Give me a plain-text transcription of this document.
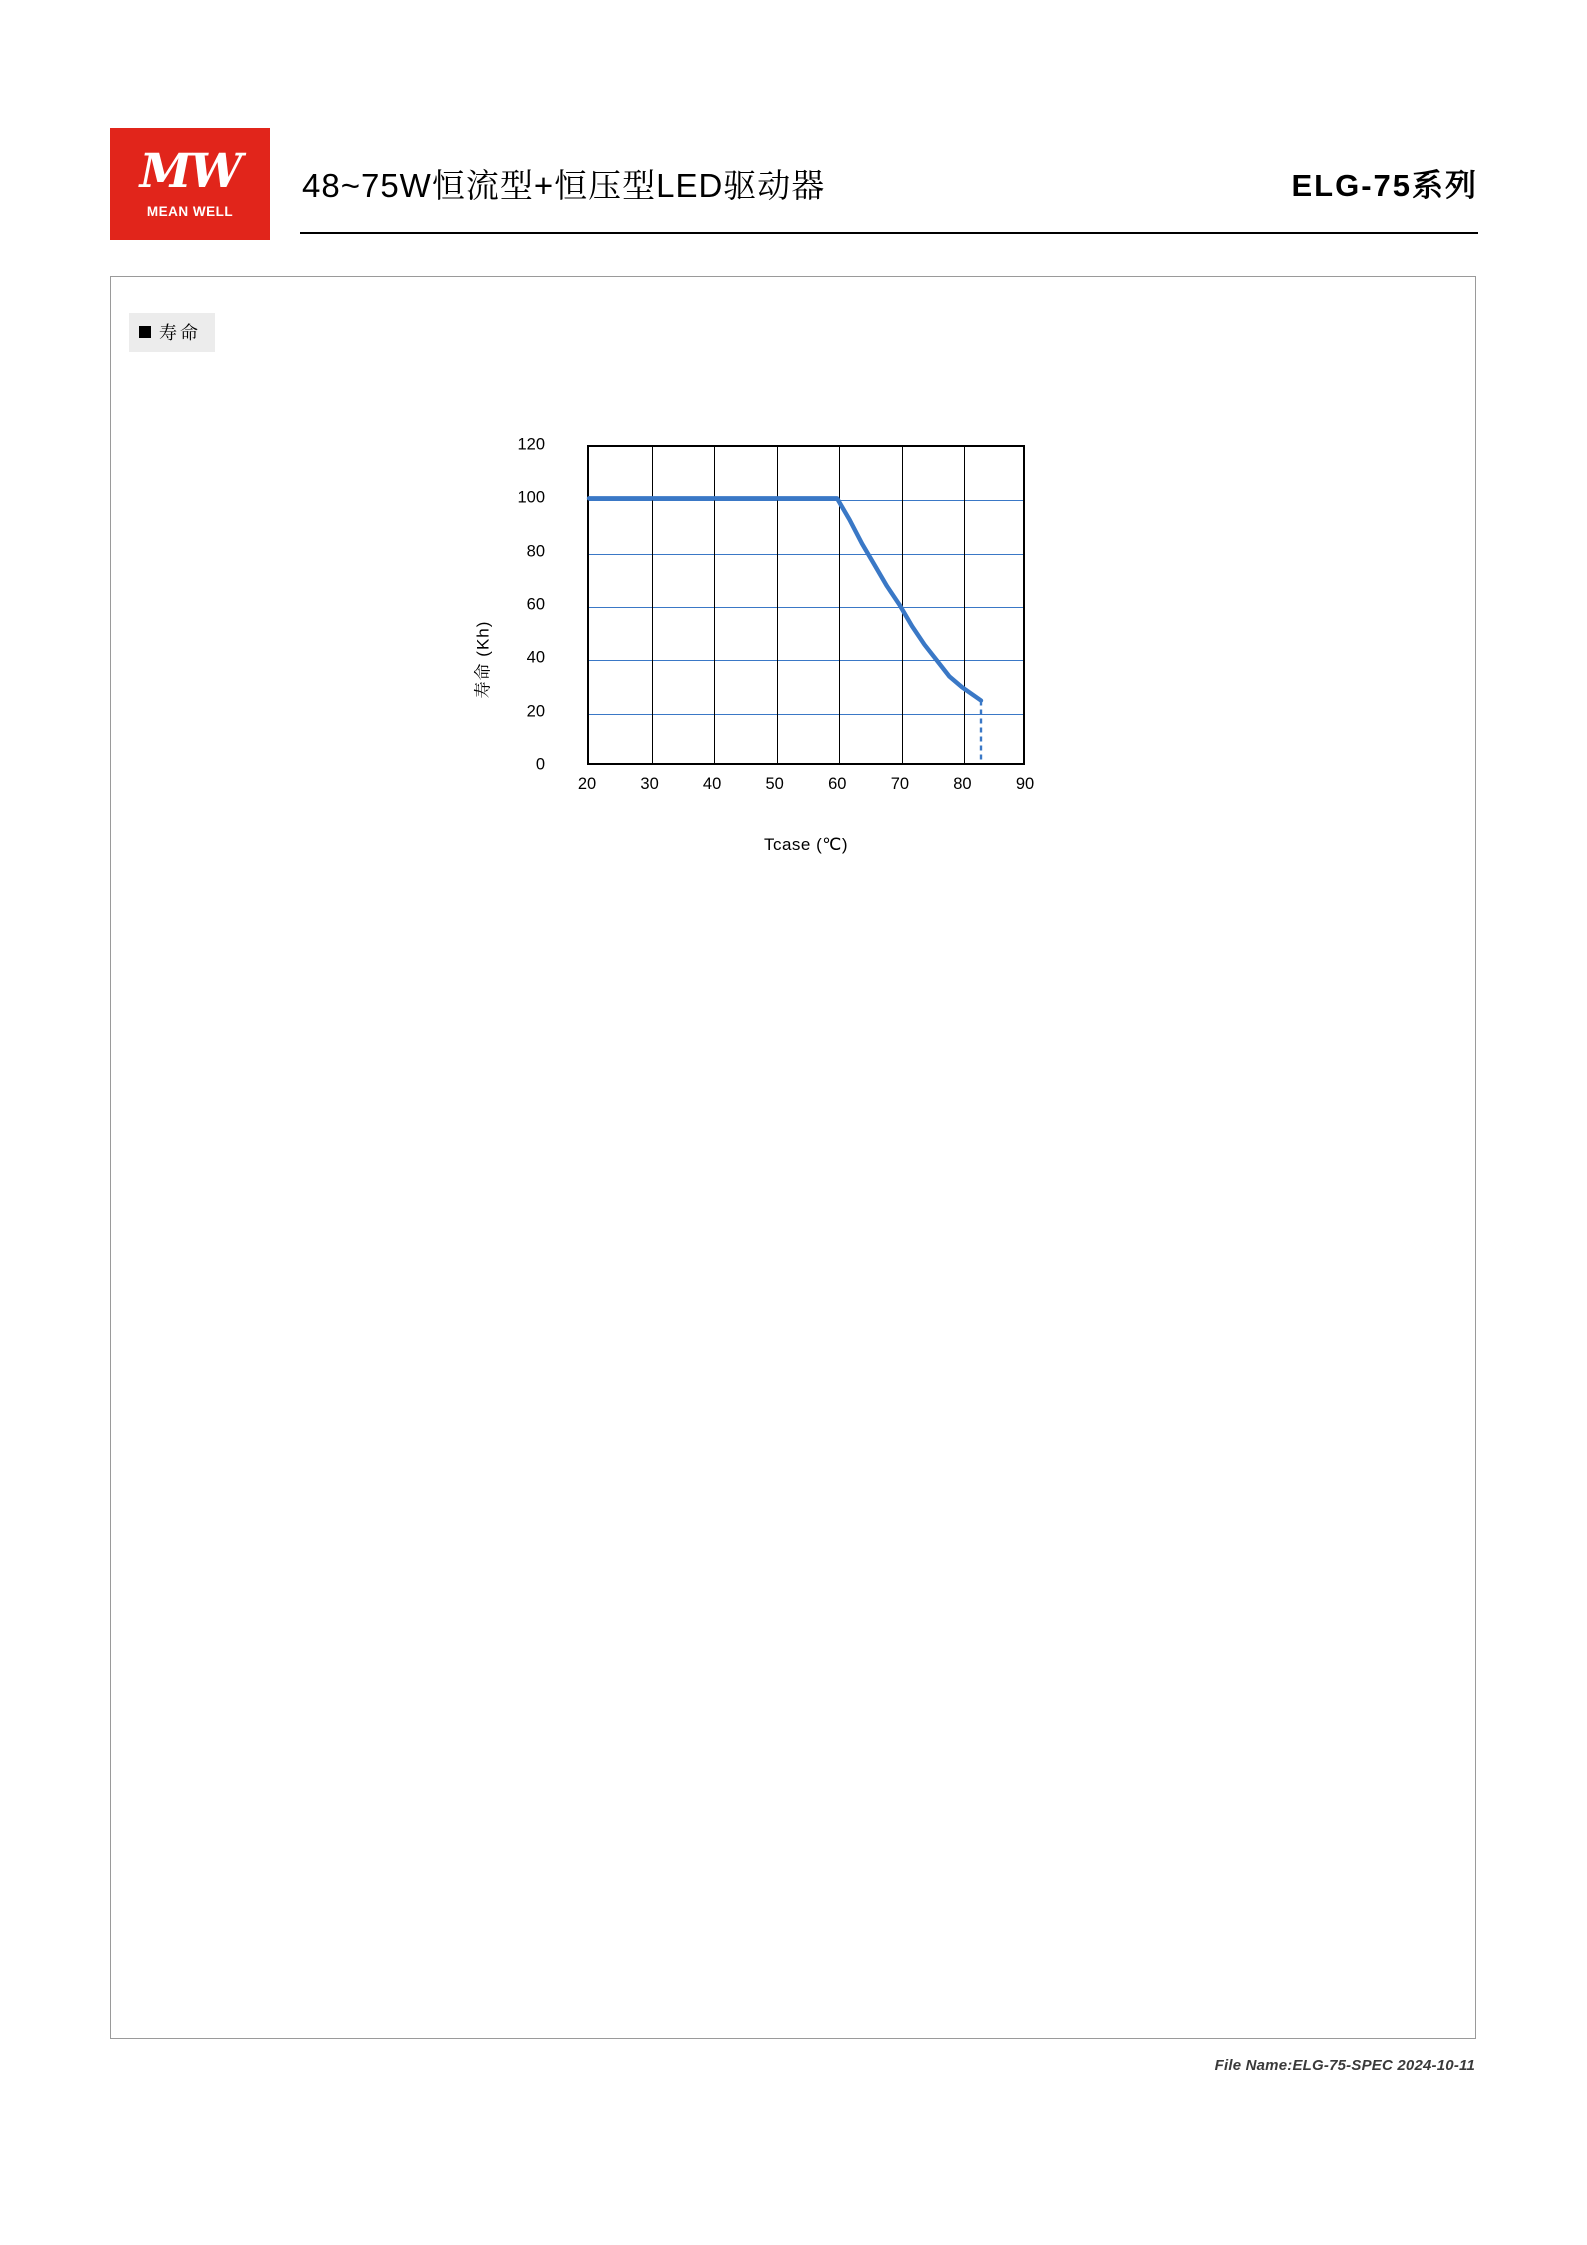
MW
MEAN WELL
48~75W恒流型+恒压型LED驱动器	ELG-75系列
寿命
寿命 (Kh)
120
100
80
60
40
20
0
20	30	40	50	60	70	80	90
Tcase (℃)
File Name:ELG-75-SPEC 2024-10-11
